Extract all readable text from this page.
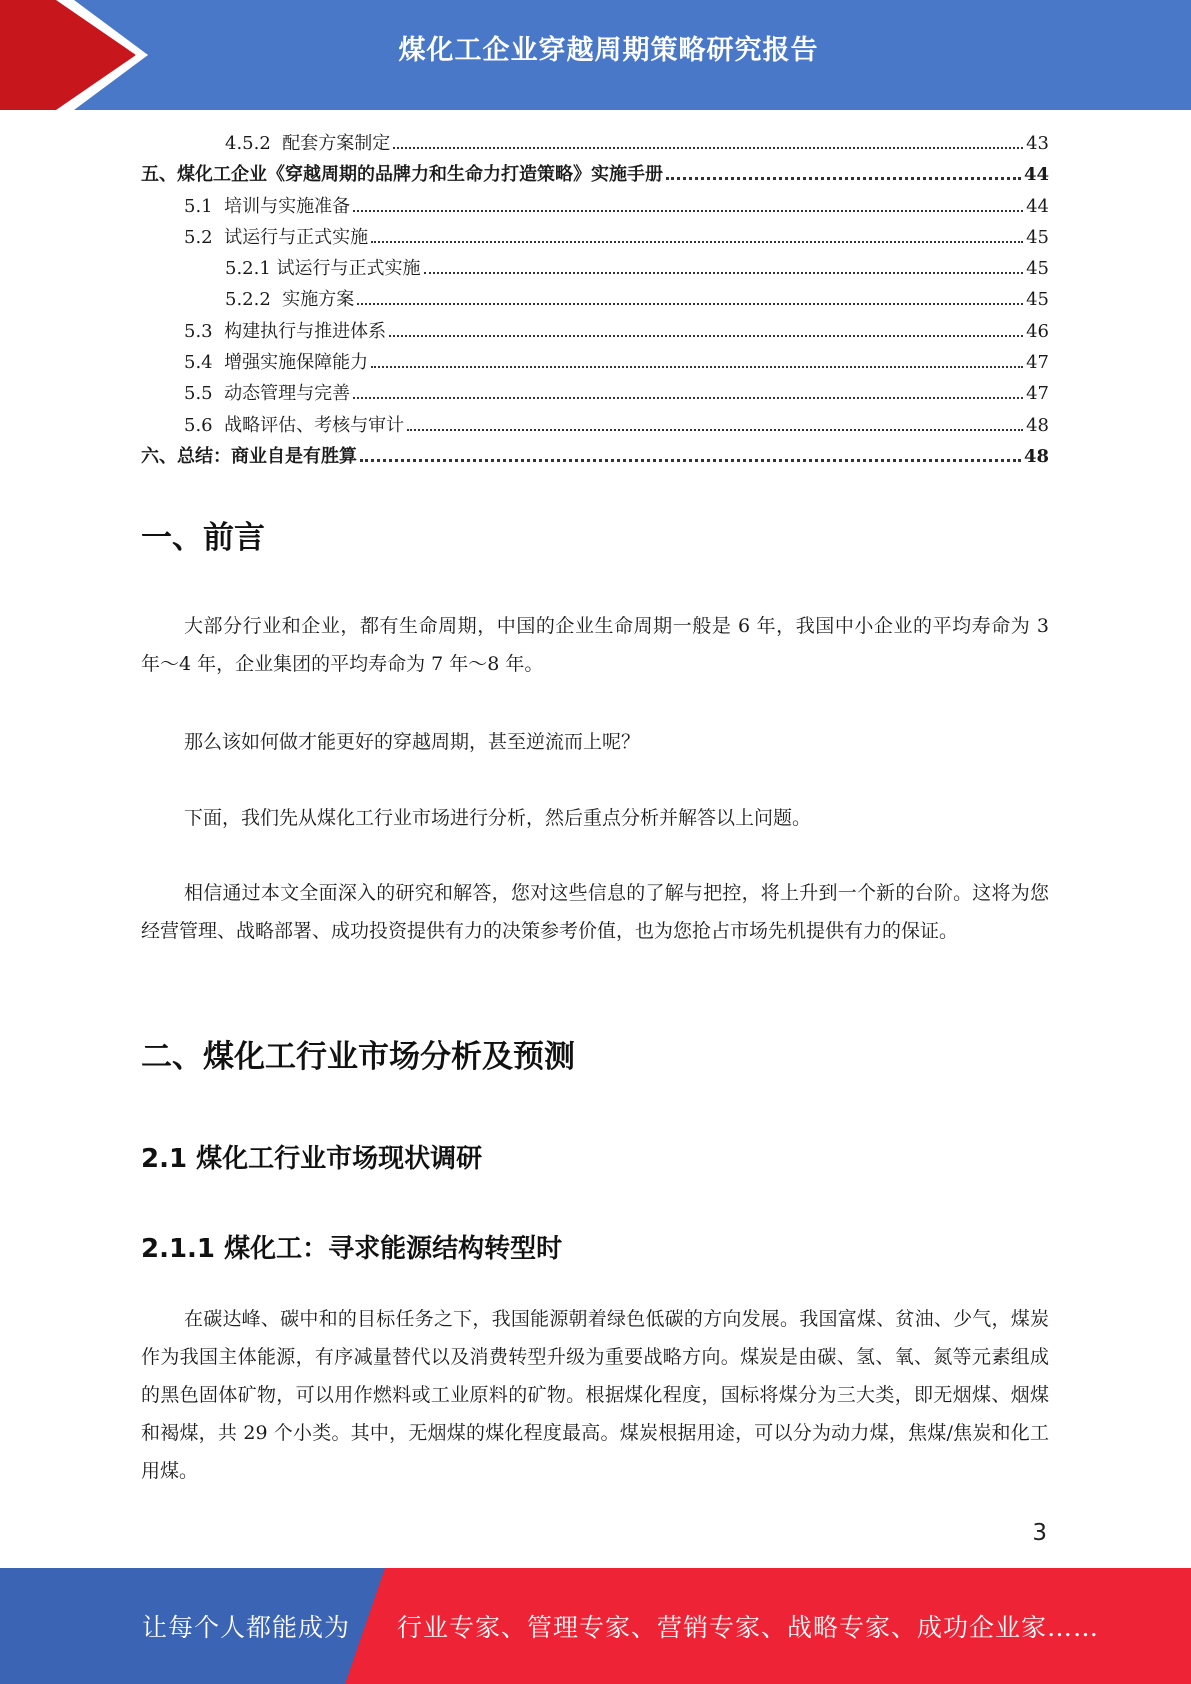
煤化工企业穿越周期策略研究报告
4.5.2 配套方案制定	43
五、煤化工企业《穿越周期的品牌力和生命力打造策略》实施手册	44
5.1 培训与实施准备	44
5.2 试运行与正式实施	45
5.2.1 试运行与正式实施	45
5.2.2 实施方案	45
5.3 构建执行与推进体系	46
5.4 增强实施保障能力	47
5.5 动态管理与完善	47
5.6 战略评估、考核与审计	48
六、总结：商业自是有胜算	48
一、前言

大部分行业和企业，都有生命周期，中国的企业生命周期一般是 6 年，我国中小企业的平均寿命为 3 年～4 年，企业集团的平均寿命为 7 年～8 年。

那么该如何做才能更好的穿越周期，甚至逆流而上呢？

下面，我们先从煤化工行业市场进行分析，然后重点分析并解答以上问题。

相信通过本文全面深入的研究和解答，您对这些信息的了解与把控，将上升到一个新的台阶。这将为您经营管理、战略部署、成功投资提供有力的决策参考价值，也为您抢占市场先机提供有力的保证。

二、煤化工行业市场分析及预测
2.1 煤化工行业市场现状调研
2.1.1 煤化工：寻求能源结构转型时

在碳达峰、碳中和的目标任务之下，我国能源朝着绿色低碳的方向发展。我国富煤、贫油、少气，煤炭作为我国主体能源，有序减量替代以及消费转型升级为重要战略方向。煤炭是由碳、氢、氧、氮等元素组成的黑色固体矿物，可以用作燃料或工业原料的矿物。根据煤化程度，国标将煤分为三大类，即无烟煤、烟煤和褐煤，共 29 个小类。其中，无烟煤的煤化程度最高。煤炭根据用途，可以分为动力煤，焦煤/焦炭和化工用煤。

3
让每个人都能成为 行业专家、管理专家、营销专家、战略专家、成功企业家……
